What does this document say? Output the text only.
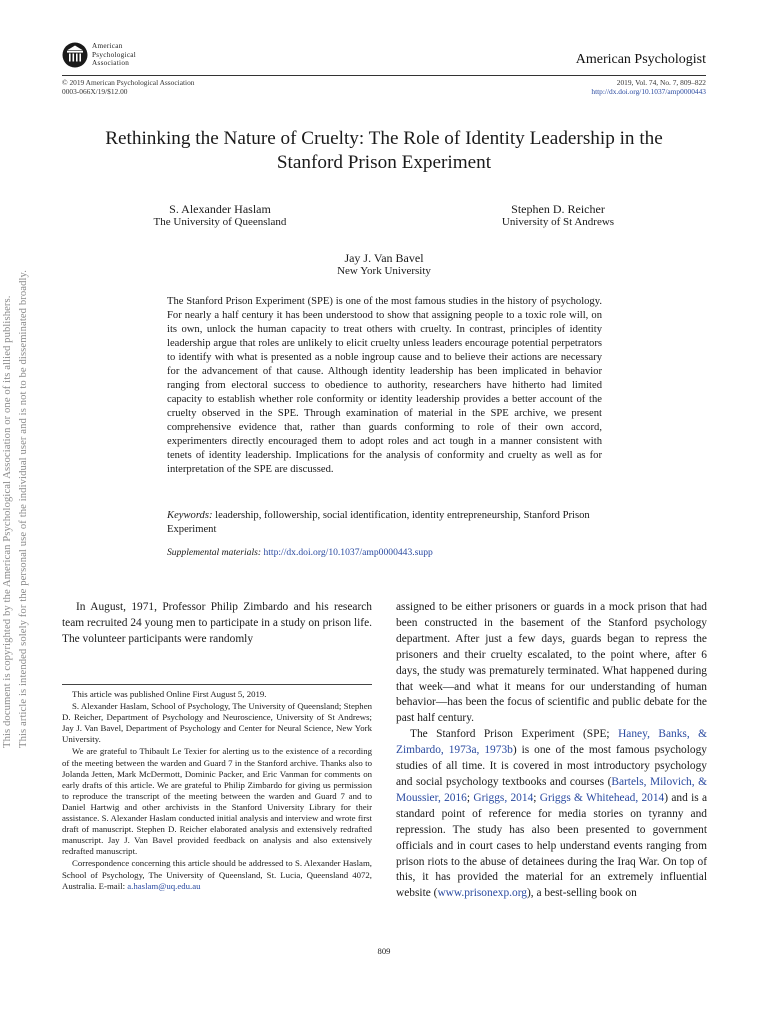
This document is copyrighted by the American Psychological Association or one of its allied publishers. This article is intended solely for the personal use of the individual user and is not to be disseminated broadly.
American
Psychological
Association	American Psychologist
© 2019 American Psychological Association
0003-066X/19/$12.00
2019, Vol. 74, No. 7, 809–822
http://dx.doi.org/10.1037/amp0000443
Rethinking the Nature of Cruelty: The Role of Identity Leadership in the
Stanford Prison Experiment
S. Alexander Haslam
The University of Queensland
Stephen D. Reicher
University of St Andrews
Jay J. Van Bavel
New York University
The Stanford Prison Experiment (SPE) is one of the most famous studies in the history of psychology. For nearly a half century it has been understood to show that assigning people to a toxic role will, on its own, unlock the human capacity to treat others with cruelty. In contrast, principles of identity leadership argue that roles are unlikely to elicit cruelty unless leaders encourage potential perpetrators to identify with what is presented as a noble ingroup cause and to believe their actions are necessary for the advancement of that cause. Although identity leadership has been implicated in behavior ranging from electoral success to obedience to authority, researchers have hitherto had limited capacity to establish whether role conformity or identity leadership provides a better account of the cruelty observed in the SPE. Through examination of material in the SPE archive, we present comprehensive evidence that, rather than guards conforming to role of their own accord, experimenters directly encouraged them to adopt roles and act tough in a manner consistent with tenets of identity leadership. Implications for the analysis of conformity and cruelty as well as for interpretation of the SPE are discussed.
Keywords: leadership, followership, social identification, identity entrepreneurship, Stanford Prison Experiment
Supplemental materials: http://dx.doi.org/10.1037/amp0000443.supp
In August, 1971, Professor Philip Zimbardo and his research team recruited 24 young men to participate in a study on prison life. The volunteer participants were randomly

This article was published Online First August 5, 2019.

S. Alexander Haslam, School of Psychology, The University of Queensland; Stephen D. Reicher, Department of Psychology and Neuroscience, University of St Andrews; Jay J. Van Bavel, Department of Psychology and Center for Neural Science, New York University.

We are grateful to Thibault Le Texier for alerting us to the existence of a recording of the meeting between the warden and Guard 7 in the Stanford archive. Thanks also to Jolanda Jetten, Mark McDermott, Dominic Packer, and Eric Vanman for comments on early drafts of this article. We are grateful to Philip Zimbardo for giving us permission to reproduce the transcript of the meeting between the warden and Guard 7 and to Daniel Hartwig and other archivists in the Stanford University Library for their assistance. S. Alexander Haslam conducted initial analysis and interview and wrote first draft of manuscript. Stephen D. Reicher elaborated analysis and extensively redrafted manuscript. Jay J. Van Bavel provided feedback on analysis and also extensively redrafted manuscript.

Correspondence concerning this article should be addressed to S. Alexander Haslam, School of Psychology, The University of Queensland, St. Lucia, Queensland 4072, Australia. E-mail: a.haslam@uq.edu.au

assigned to be either prisoners or guards in a mock prison that had been constructed in the basement of the Stanford psychology department. After just a few days, guards began to repress the prisoners and their cruelty escalated, to the point where, after 6 days, the study was prematurely terminated. What happened during that week—and what it means for our understanding of human behavior—has been the focus of scientific and public debate for the past half century.

The Stanford Prison Experiment (SPE; Haney, Banks, & Zimbardo, 1973a, 1973b) is one of the most famous psychology studies of all time. It is covered in most introductory psychology and social psychology textbooks and courses (Bartels, Milovich, & Moussier, 2016; Griggs, 2014; Griggs & Whitehead, 2014) and is a standard point of reference for media stories on tyranny and repression. The study has also been presented to government officials and in court cases to help understand events ranging from prison riots to the abuse of detainees during the Iraq War. On top of this, it has provided the material for an extremely influential website (www.prisonexp.org), a best-selling book on

809
